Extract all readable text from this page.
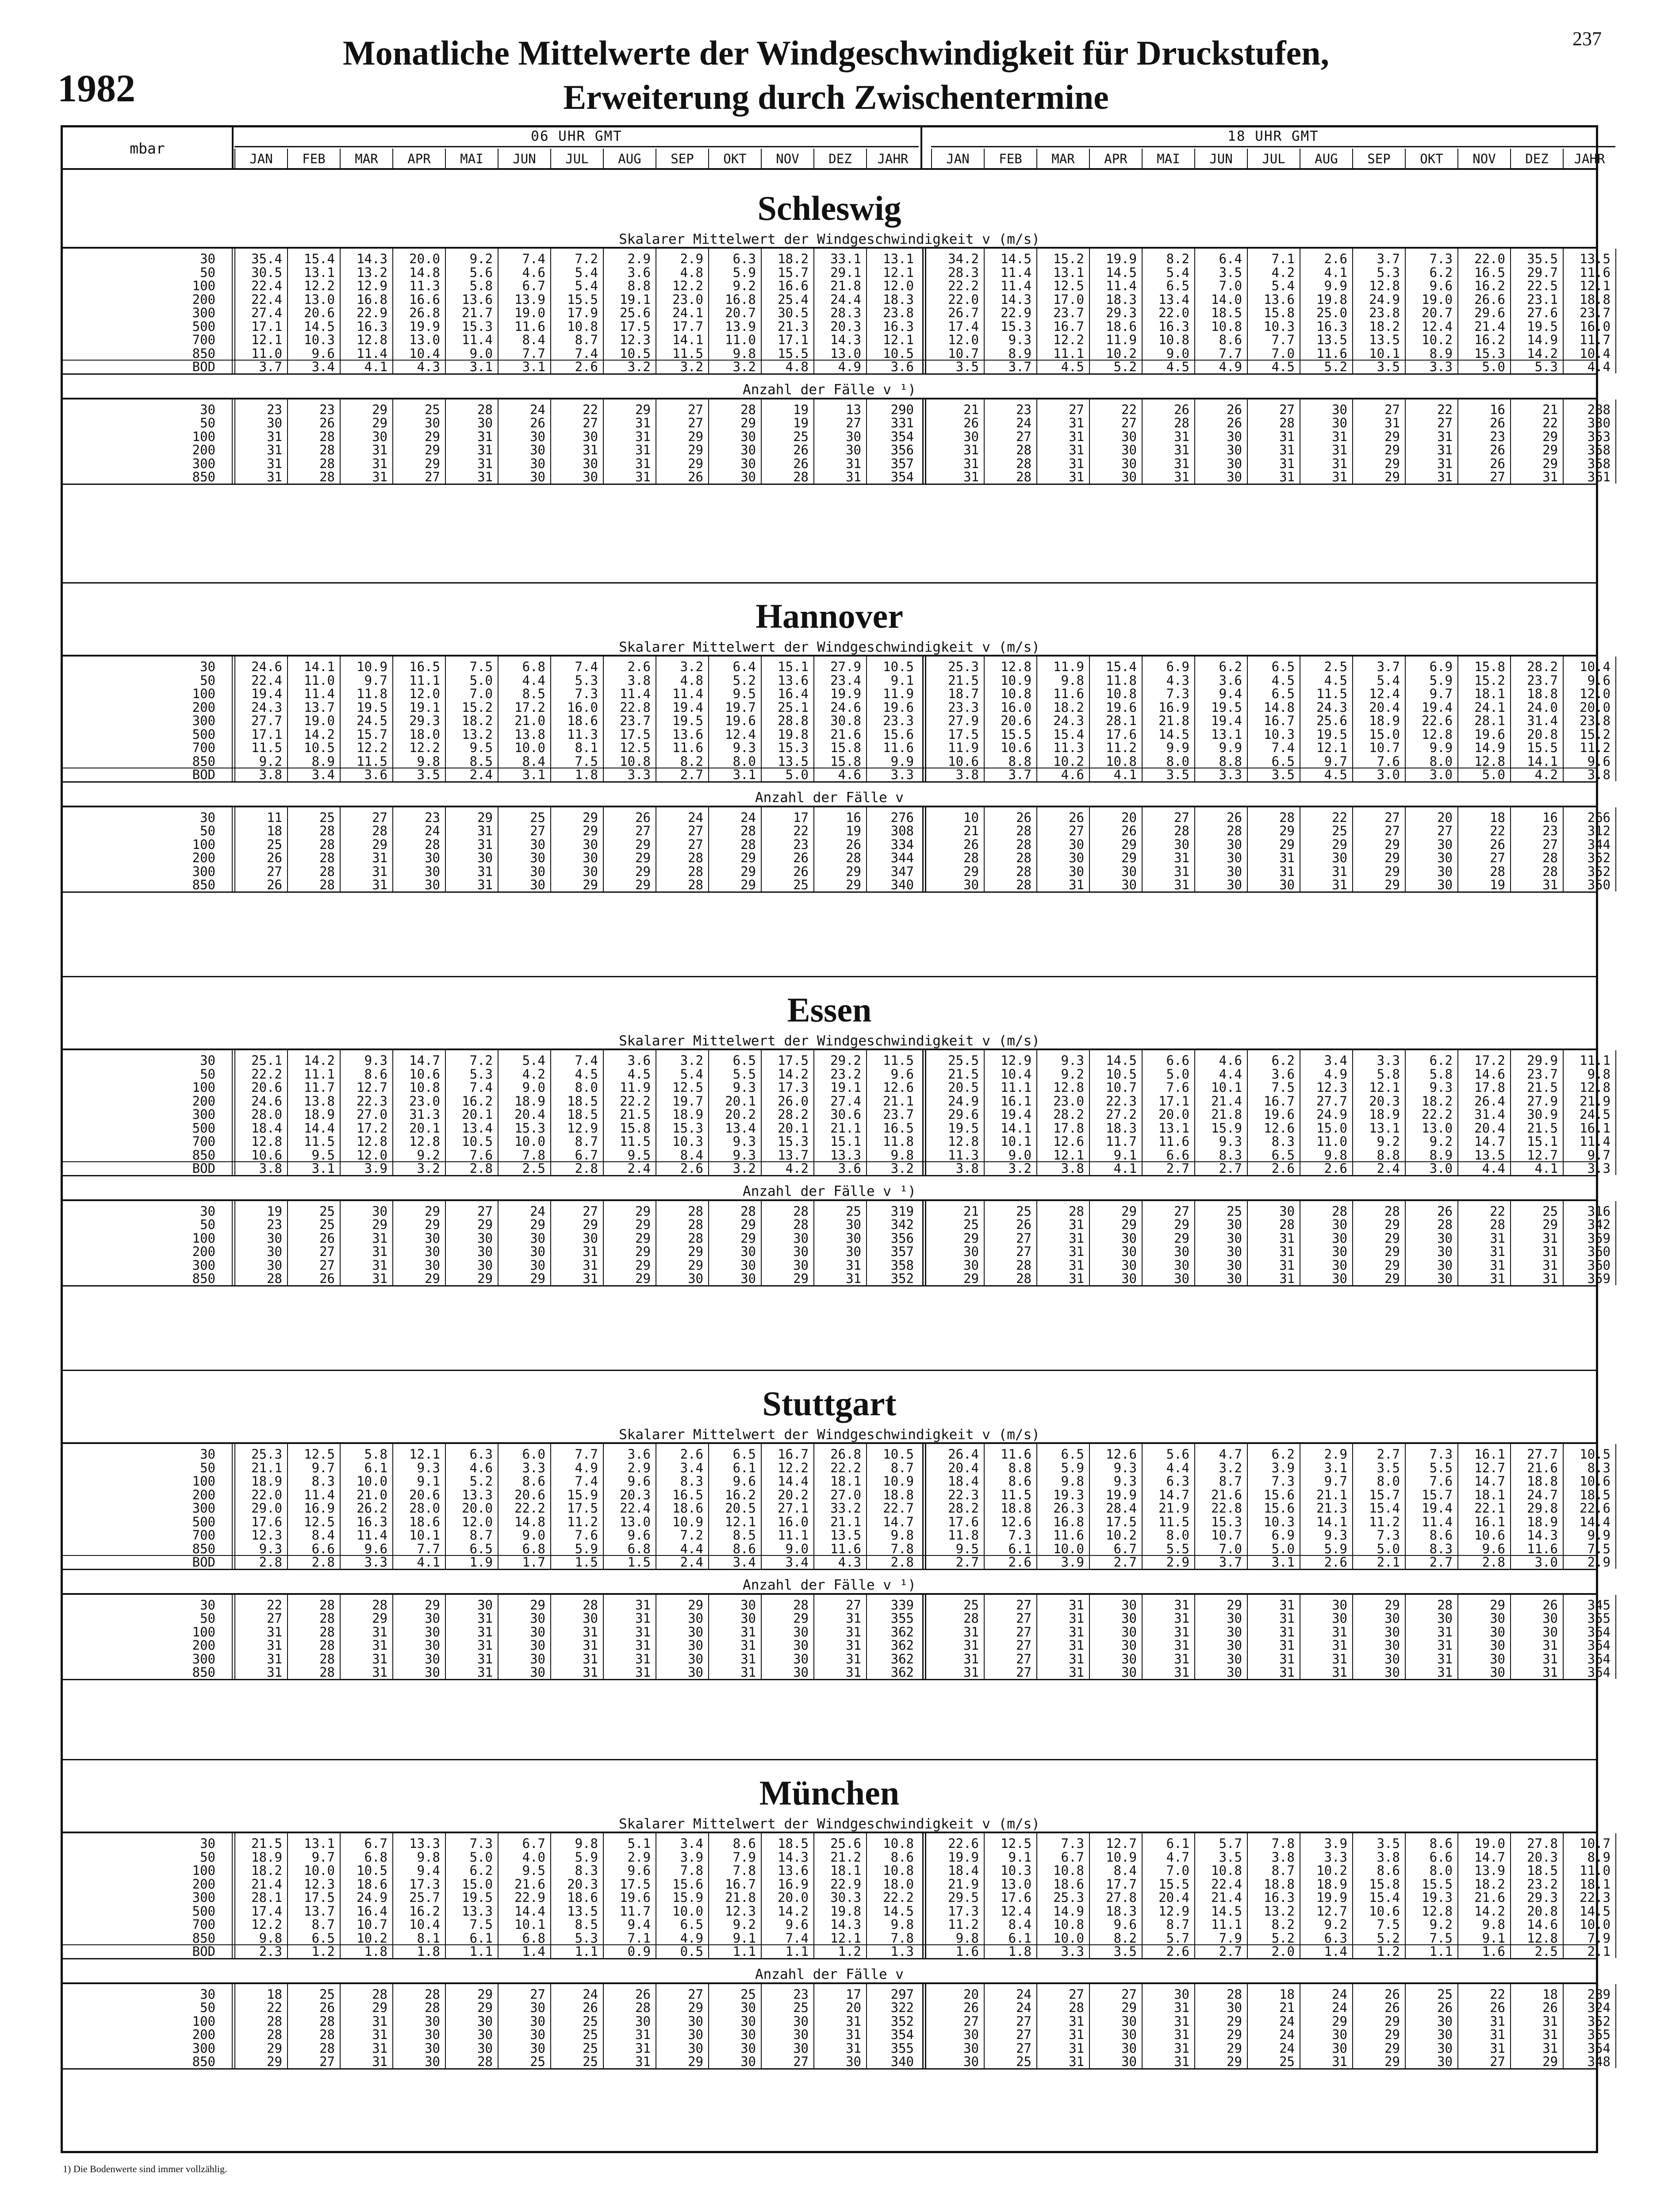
237
1982
Monatliche Mittelwerte der Windgeschwindigkeit für Druckstufen,
Erweiterung durch Zwischentermine
mbar
06 UHR GMT	18 UHR GMT
JAN	FEB	MAR	APR	MAI	JUN	JUL	AUG	SEP	OKT	NOV	DEZ	JAHR	JAN	FEB	MAR	APR	MAI	JUN	JUL	AUG	SEP	OKT	NOV	DEZ	JAHR
Schleswig
Skalarer Mittelwert der Windgeschwindigkeit v (m/s)
30	35.4	15.4	14.3	20.0	9.2	7.4	7.2	2.9	2.9	6.3	18.2	33.1	13.1	34.2	14.5	15.2	19.9	8.2	6.4	7.1	2.6	3.7	7.3	22.0	35.5	13.5
50	30.5	13.1	13.2	14.8	5.6	4.6	5.4	3.6	4.8	5.9	15.7	29.1	12.1	28.3	11.4	13.1	14.5	5.4	3.5	4.2	4.1	5.3	6.2	16.5	29.7	11.6
100	22.4	12.2	12.9	11.3	5.8	6.7	5.4	8.8	12.2	9.2	16.6	21.8	12.0	22.2	11.4	12.5	11.4	6.5	7.0	5.4	9.9	12.8	9.6	16.2	22.5	12.1
200	22.4	13.0	16.8	16.6	13.6	13.9	15.5	19.1	23.0	16.8	25.4	24.4	18.3	22.0	14.3	17.0	18.3	13.4	14.0	13.6	19.8	24.9	19.0	26.6	23.1	18.8
300	27.4	20.6	22.9	26.8	21.7	19.0	17.9	25.6	24.1	20.7	30.5	28.3	23.8	26.7	22.9	23.7	29.3	22.0	18.5	15.8	25.0	23.8	20.7	29.6	27.6	23.7
500	17.1	14.5	16.3	19.9	15.3	11.6	10.8	17.5	17.7	13.9	21.3	20.3	16.3	17.4	15.3	16.7	18.6	16.3	10.8	10.3	16.3	18.2	12.4	21.4	19.5	16.0
700	12.1	10.3	12.8	13.0	11.4	8.4	8.7	12.3	14.1	11.0	17.1	14.3	12.1	12.0	9.3	12.2	11.9	10.8	8.6	7.7	13.5	13.5	10.2	16.2	14.9	11.7
850	11.0	9.6	11.4	10.4	9.0	7.7	7.4	10.5	11.5	9.8	15.5	13.0	10.5	10.7	8.9	11.1	10.2	9.0	7.7	7.0	11.6	10.1	8.9	15.3	14.2	10.4
BOD	3.7	3.4	4.1	4.3	3.1	3.1	2.6	3.2	3.2	3.2	4.8	4.9	3.6	3.5	3.7	4.5	5.2	4.5	4.9	4.5	5.2	3.5	3.3	5.0	5.3	4.4
Anzahl der Fälle v ¹)
30	23	23	29	25	28	24	22	29	27	28	19	13	290	21	23	27	22	26	26	27	30	27	22	16	21	288
50	30	26	29	30	30	26	27	31	27	29	19	27	331	26	24	31	27	28	26	28	30	31	27	26	22	330
100	31	28	30	29	31	30	30	31	29	30	25	30	354	30	27	31	30	31	30	31	31	29	31	23	29	353
200	31	28	31	29	31	30	31	31	29	30	26	30	356	31	28	31	30	31	30	31	31	29	31	26	29	358
300	31	28	31	29	31	30	30	31	29	30	26	31	357	31	28	31	30	31	30	31	31	29	31	26	29	358
850	31	28	31	27	31	30	30	31	26	30	28	31	354	31	28	31	30	31	30	31	31	29	31	27	31	361
Hannover
Skalarer Mittelwert der Windgeschwindigkeit v (m/s)
30	24.6	14.1	10.9	16.5	7.5	6.8	7.4	2.6	3.2	6.4	15.1	27.9	10.5	25.3	12.8	11.9	15.4	6.9	6.2	6.5	2.5	3.7	6.9	15.8	28.2	10.4
50	22.4	11.0	9.7	11.1	5.0	4.4	5.3	3.8	4.8	5.2	13.6	23.4	9.1	21.5	10.9	9.8	11.8	4.3	3.6	4.5	4.5	5.4	5.9	15.2	23.7	9.6
100	19.4	11.4	11.8	12.0	7.0	8.5	7.3	11.4	11.4	9.5	16.4	19.9	11.9	18.7	10.8	11.6	10.8	7.3	9.4	6.5	11.5	12.4	9.7	18.1	18.8	12.0
200	24.3	13.7	19.5	19.1	15.2	17.2	16.0	22.8	19.4	19.7	25.1	24.6	19.6	23.3	16.0	18.2	19.6	16.9	19.5	14.8	24.3	20.4	19.4	24.1	24.0	20.0
300	27.7	19.0	24.5	29.3	18.2	21.0	18.6	23.7	19.5	19.6	28.8	30.8	23.3	27.9	20.6	24.3	28.1	21.8	19.4	16.7	25.6	18.9	22.6	28.1	31.4	23.8
500	17.1	14.2	15.7	18.0	13.2	13.8	11.3	17.5	13.6	12.4	19.8	21.6	15.6	17.5	15.5	15.4	17.6	14.5	13.1	10.3	19.5	15.0	12.8	19.6	20.8	15.2
700	11.5	10.5	12.2	12.2	9.5	10.0	8.1	12.5	11.6	9.3	15.3	15.8	11.6	11.9	10.6	11.3	11.2	9.9	9.9	7.4	12.1	10.7	9.9	14.9	15.5	11.2
850	9.2	8.9	11.5	9.8	8.5	8.4	7.5	10.8	8.2	8.0	13.5	15.8	9.9	10.6	8.8	10.2	10.8	8.0	8.8	6.5	9.7	7.6	8.0	12.8	14.1	9.6
BOD	3.8	3.4	3.6	3.5	2.4	3.1	1.8	3.3	2.7	3.1	5.0	4.6	3.3	3.8	3.7	4.6	4.1	3.5	3.3	3.5	4.5	3.0	3.0	5.0	4.2	3.8
Anzahl der Fälle v
30	11	25	27	23	29	25	29	26	24	24	17	16	276	10	26	26	20	27	26	28	22	27	20	18	16	266
50	18	28	28	24	31	27	29	27	27	28	22	19	308	21	28	27	26	28	28	29	25	27	27	22	23	312
100	25	28	29	28	31	30	30	29	27	28	23	26	334	26	28	30	29	30	30	29	29	29	30	26	27	344
200	26	28	31	30	30	30	30	29	28	29	26	28	344	28	28	30	29	31	30	31	30	29	30	27	28	352
300	27	28	31	30	31	30	30	29	28	29	26	29	347	29	28	30	30	31	30	31	31	29	30	28	28	352
850	26	28	31	30	31	30	29	29	28	29	25	29	340	30	28	31	30	31	30	30	31	29	30	19	31	350
Essen
Skalarer Mittelwert der Windgeschwindigkeit v (m/s)
30	25.1	14.2	9.3	14.7	7.2	5.4	7.4	3.6	3.2	6.5	17.5	29.2	11.5	25.5	12.9	9.3	14.5	6.6	4.6	6.2	3.4	3.3	6.2	17.2	29.9	11.1
50	22.2	11.1	8.6	10.6	5.3	4.2	4.5	4.5	5.4	5.5	14.2	23.2	9.6	21.5	10.4	9.2	10.5	5.0	4.4	3.6	4.9	5.8	5.8	14.6	23.7	9.8
100	20.6	11.7	12.7	10.8	7.4	9.0	8.0	11.9	12.5	9.3	17.3	19.1	12.6	20.5	11.1	12.8	10.7	7.6	10.1	7.5	12.3	12.1	9.3	17.8	21.5	12.8
200	24.6	13.8	22.3	23.0	16.2	18.9	18.5	22.2	19.7	20.1	26.0	27.4	21.1	24.9	16.1	23.0	22.3	17.1	21.4	16.7	27.7	20.3	18.2	26.4	27.9	21.9
300	28.0	18.9	27.0	31.3	20.1	20.4	18.5	21.5	18.9	20.2	28.2	30.6	23.7	29.6	19.4	28.2	27.2	20.0	21.8	19.6	24.9	18.9	22.2	31.4	30.9	24.5
500	18.4	14.4	17.2	20.1	13.4	15.3	12.9	15.8	15.3	13.4	20.1	21.1	16.5	19.5	14.1	17.8	18.3	13.1	15.9	12.6	15.0	13.1	13.0	20.4	21.5	16.1
700	12.8	11.5	12.8	12.8	10.5	10.0	8.7	11.5	10.3	9.3	15.3	15.1	11.8	12.8	10.1	12.6	11.7	11.6	9.3	8.3	11.0	9.2	9.2	14.7	15.1	11.4
850	10.6	9.5	12.0	9.2	7.6	7.8	6.7	9.5	8.4	9.3	13.7	13.3	9.8	11.3	9.0	12.1	9.1	6.6	8.3	6.5	9.8	8.8	8.9	13.5	12.7	9.7
BOD	3.8	3.1	3.9	3.2	2.8	2.5	2.8	2.4	2.6	3.2	4.2	3.6	3.2	3.8	3.2	3.8	4.1	2.7	2.7	2.6	2.6	2.4	3.0	4.4	4.1	3.3
Anzahl der Fälle v ¹)
30	19	25	30	29	27	24	27	29	28	28	28	25	319	21	25	28	29	27	25	30	28	28	26	22	25	316
50	23	25	29	29	29	29	29	29	28	29	28	30	342	25	26	31	29	29	30	28	30	29	28	28	29	342
100	30	26	31	30	30	30	30	29	28	29	30	30	356	29	27	31	30	29	30	31	30	29	30	31	31	359
200	30	27	31	30	30	30	31	29	29	30	30	30	357	30	27	31	30	30	30	31	30	29	30	31	31	360
300	30	27	31	30	30	30	31	29	29	30	30	31	358	30	28	31	30	30	30	31	30	29	30	31	31	360
850	28	26	31	29	29	29	31	29	30	30	29	31	352	29	28	31	30	30	30	31	30	29	30	31	31	359
Stuttgart
Skalarer Mittelwert der Windgeschwindigkeit v (m/s)
30	25.3	12.5	5.8	12.1	6.3	6.0	7.7	3.6	2.6	6.5	16.7	26.8	10.5	26.4	11.6	6.5	12.6	5.6	4.7	6.2	2.9	2.7	7.3	16.1	27.7	10.5
50	21.1	9.7	6.1	9.3	4.6	3.3	4.9	2.9	3.4	6.1	12.2	22.2	8.7	20.4	8.8	5.9	9.3	4.4	3.2	3.9	3.1	3.5	5.5	12.7	21.6	8.3
100	18.9	8.3	10.0	9.1	5.2	8.6	7.4	9.6	8.3	9.6	14.4	18.1	10.9	18.4	8.6	9.8	9.3	6.3	8.7	7.3	9.7	8.0	7.6	14.7	18.8	10.6
200	22.0	11.4	21.0	20.6	13.3	20.6	15.9	20.3	16.5	16.2	20.2	27.0	18.8	22.3	11.5	19.3	19.9	14.7	21.6	15.6	21.1	15.7	15.7	18.1	24.7	18.5
300	29.0	16.9	26.2	28.0	20.0	22.2	17.5	22.4	18.6	20.5	27.1	33.2	22.7	28.2	18.8	26.3	28.4	21.9	22.8	15.6	21.3	15.4	19.4	22.1	29.8	22.6
500	17.6	12.5	16.3	18.6	12.0	14.8	11.2	13.0	10.9	12.1	16.0	21.1	14.7	17.6	12.6	16.8	17.5	11.5	15.3	10.3	14.1	11.2	11.4	16.1	18.9	14.4
700	12.3	8.4	11.4	10.1	8.7	9.0	7.6	9.6	7.2	8.5	11.1	13.5	9.8	11.8	7.3	11.6	10.2	8.0	10.7	6.9	9.3	7.3	8.6	10.6	14.3	9.9
850	9.3	6.6	9.6	7.7	6.5	6.8	5.9	6.8	4.4	8.6	9.0	11.6	7.8	9.5	6.1	10.0	6.7	5.5	7.0	5.0	5.9	5.0	8.3	9.6	11.6	7.5
BOD	2.8	2.8	3.3	4.1	1.9	1.7	1.5	1.5	2.4	3.4	3.4	4.3	2.8	2.7	2.6	3.9	2.7	2.9	3.7	3.1	2.6	2.1	2.7	2.8	3.0	2.9
Anzahl der Fälle v ¹)
30	22	28	28	29	30	29	28	31	29	30	28	27	339	25	27	31	30	31	29	31	30	29	28	29	26	345
50	27	28	29	30	31	30	30	31	30	30	29	31	355	28	27	31	30	31	30	31	30	30	30	30	30	355
100	31	28	31	30	31	30	31	31	30	31	30	31	362	31	27	31	30	31	30	31	31	30	31	30	30	364
200	31	28	31	30	31	30	31	31	30	31	30	31	362	31	27	31	30	31	30	31	31	30	31	30	31	364
300	31	28	31	30	31	30	31	31	30	31	30	31	362	31	27	31	30	31	30	31	31	30	31	30	31	364
850	31	28	31	30	31	30	31	31	30	31	30	31	362	31	27	31	30	31	30	31	31	30	31	30	31	364
München
Skalarer Mittelwert der Windgeschwindigkeit v (m/s)
30	21.5	13.1	6.7	13.3	7.3	6.7	9.8	5.1	3.4	8.6	18.5	25.6	10.8	22.6	12.5	7.3	12.7	6.1	5.7	7.8	3.9	3.5	8.6	19.0	27.8	10.7
50	18.9	9.7	6.8	9.8	5.0	4.0	5.9	2.9	3.9	7.9	14.3	21.2	8.6	19.9	9.1	6.7	10.9	4.7	3.5	3.8	3.3	3.8	6.6	14.7	20.3	8.9
100	18.2	10.0	10.5	9.4	6.2	9.5	8.3	9.6	7.8	7.8	13.6	18.1	10.8	18.4	10.3	10.8	8.4	7.0	10.8	8.7	10.2	8.6	8.0	13.9	18.5	11.0
200	21.4	12.3	18.6	17.3	15.0	21.6	20.3	17.5	15.6	16.7	16.9	22.9	18.0	21.9	13.0	18.6	17.7	15.5	22.4	18.8	18.9	15.8	15.5	18.2	23.2	18.1
300	28.1	17.5	24.9	25.7	19.5	22.9	18.6	19.6	15.9	21.8	20.0	30.3	22.2	29.5	17.6	25.3	27.8	20.4	21.4	16.3	19.9	15.4	19.3	21.6	29.3	22.3
500	17.4	13.7	16.4	16.2	13.3	14.4	13.5	11.7	10.0	12.3	14.2	19.8	14.5	17.3	12.4	14.9	18.3	12.9	14.5	13.2	12.7	10.6	12.8	14.2	20.8	14.5
700	12.2	8.7	10.7	10.4	7.5	10.1	8.5	9.4	6.5	9.2	9.6	14.3	9.8	11.2	8.4	10.8	9.6	8.7	11.1	8.2	9.2	7.5	9.2	9.8	14.6	10.0
850	9.8	6.5	10.2	8.1	6.1	6.8	5.3	7.1	4.9	9.1	7.4	12.1	7.8	9.8	6.1	10.0	8.2	5.7	7.9	5.2	6.3	5.2	7.5	9.1	12.8	7.9
BOD	2.3	1.2	1.8	1.8	1.1	1.4	1.1	0.9	0.5	1.1	1.1	1.2	1.3	1.6	1.8	3.3	3.5	2.6	2.7	2.0	1.4	1.2	1.1	1.6	2.5	2.1
Anzahl der Fälle v
30	18	25	28	28	29	27	24	26	27	25	23	17	297	20	24	27	27	30	28	18	24	26	25	22	18	289
50	22	26	29	28	29	30	26	28	29	30	25	20	322	26	24	28	29	31	30	21	24	26	26	26	26	324
100	28	28	31	30	30	30	25	30	30	30	30	31	352	27	27	31	30	31	29	24	29	29	30	31	31	352
200	28	28	31	30	30	30	25	31	30	30	30	31	354	30	27	31	30	31	29	24	30	29	30	31	31	355
300	29	28	31	30	30	30	25	31	30	30	30	31	355	30	27	31	30	31	29	24	30	29	30	31	31	354
850	29	27	31	30	28	25	25	31	29	30	27	30	340	30	25	31	30	31	29	25	31	29	30	27	29	348
1) Die Bodenwerte sind immer vollzählig.
